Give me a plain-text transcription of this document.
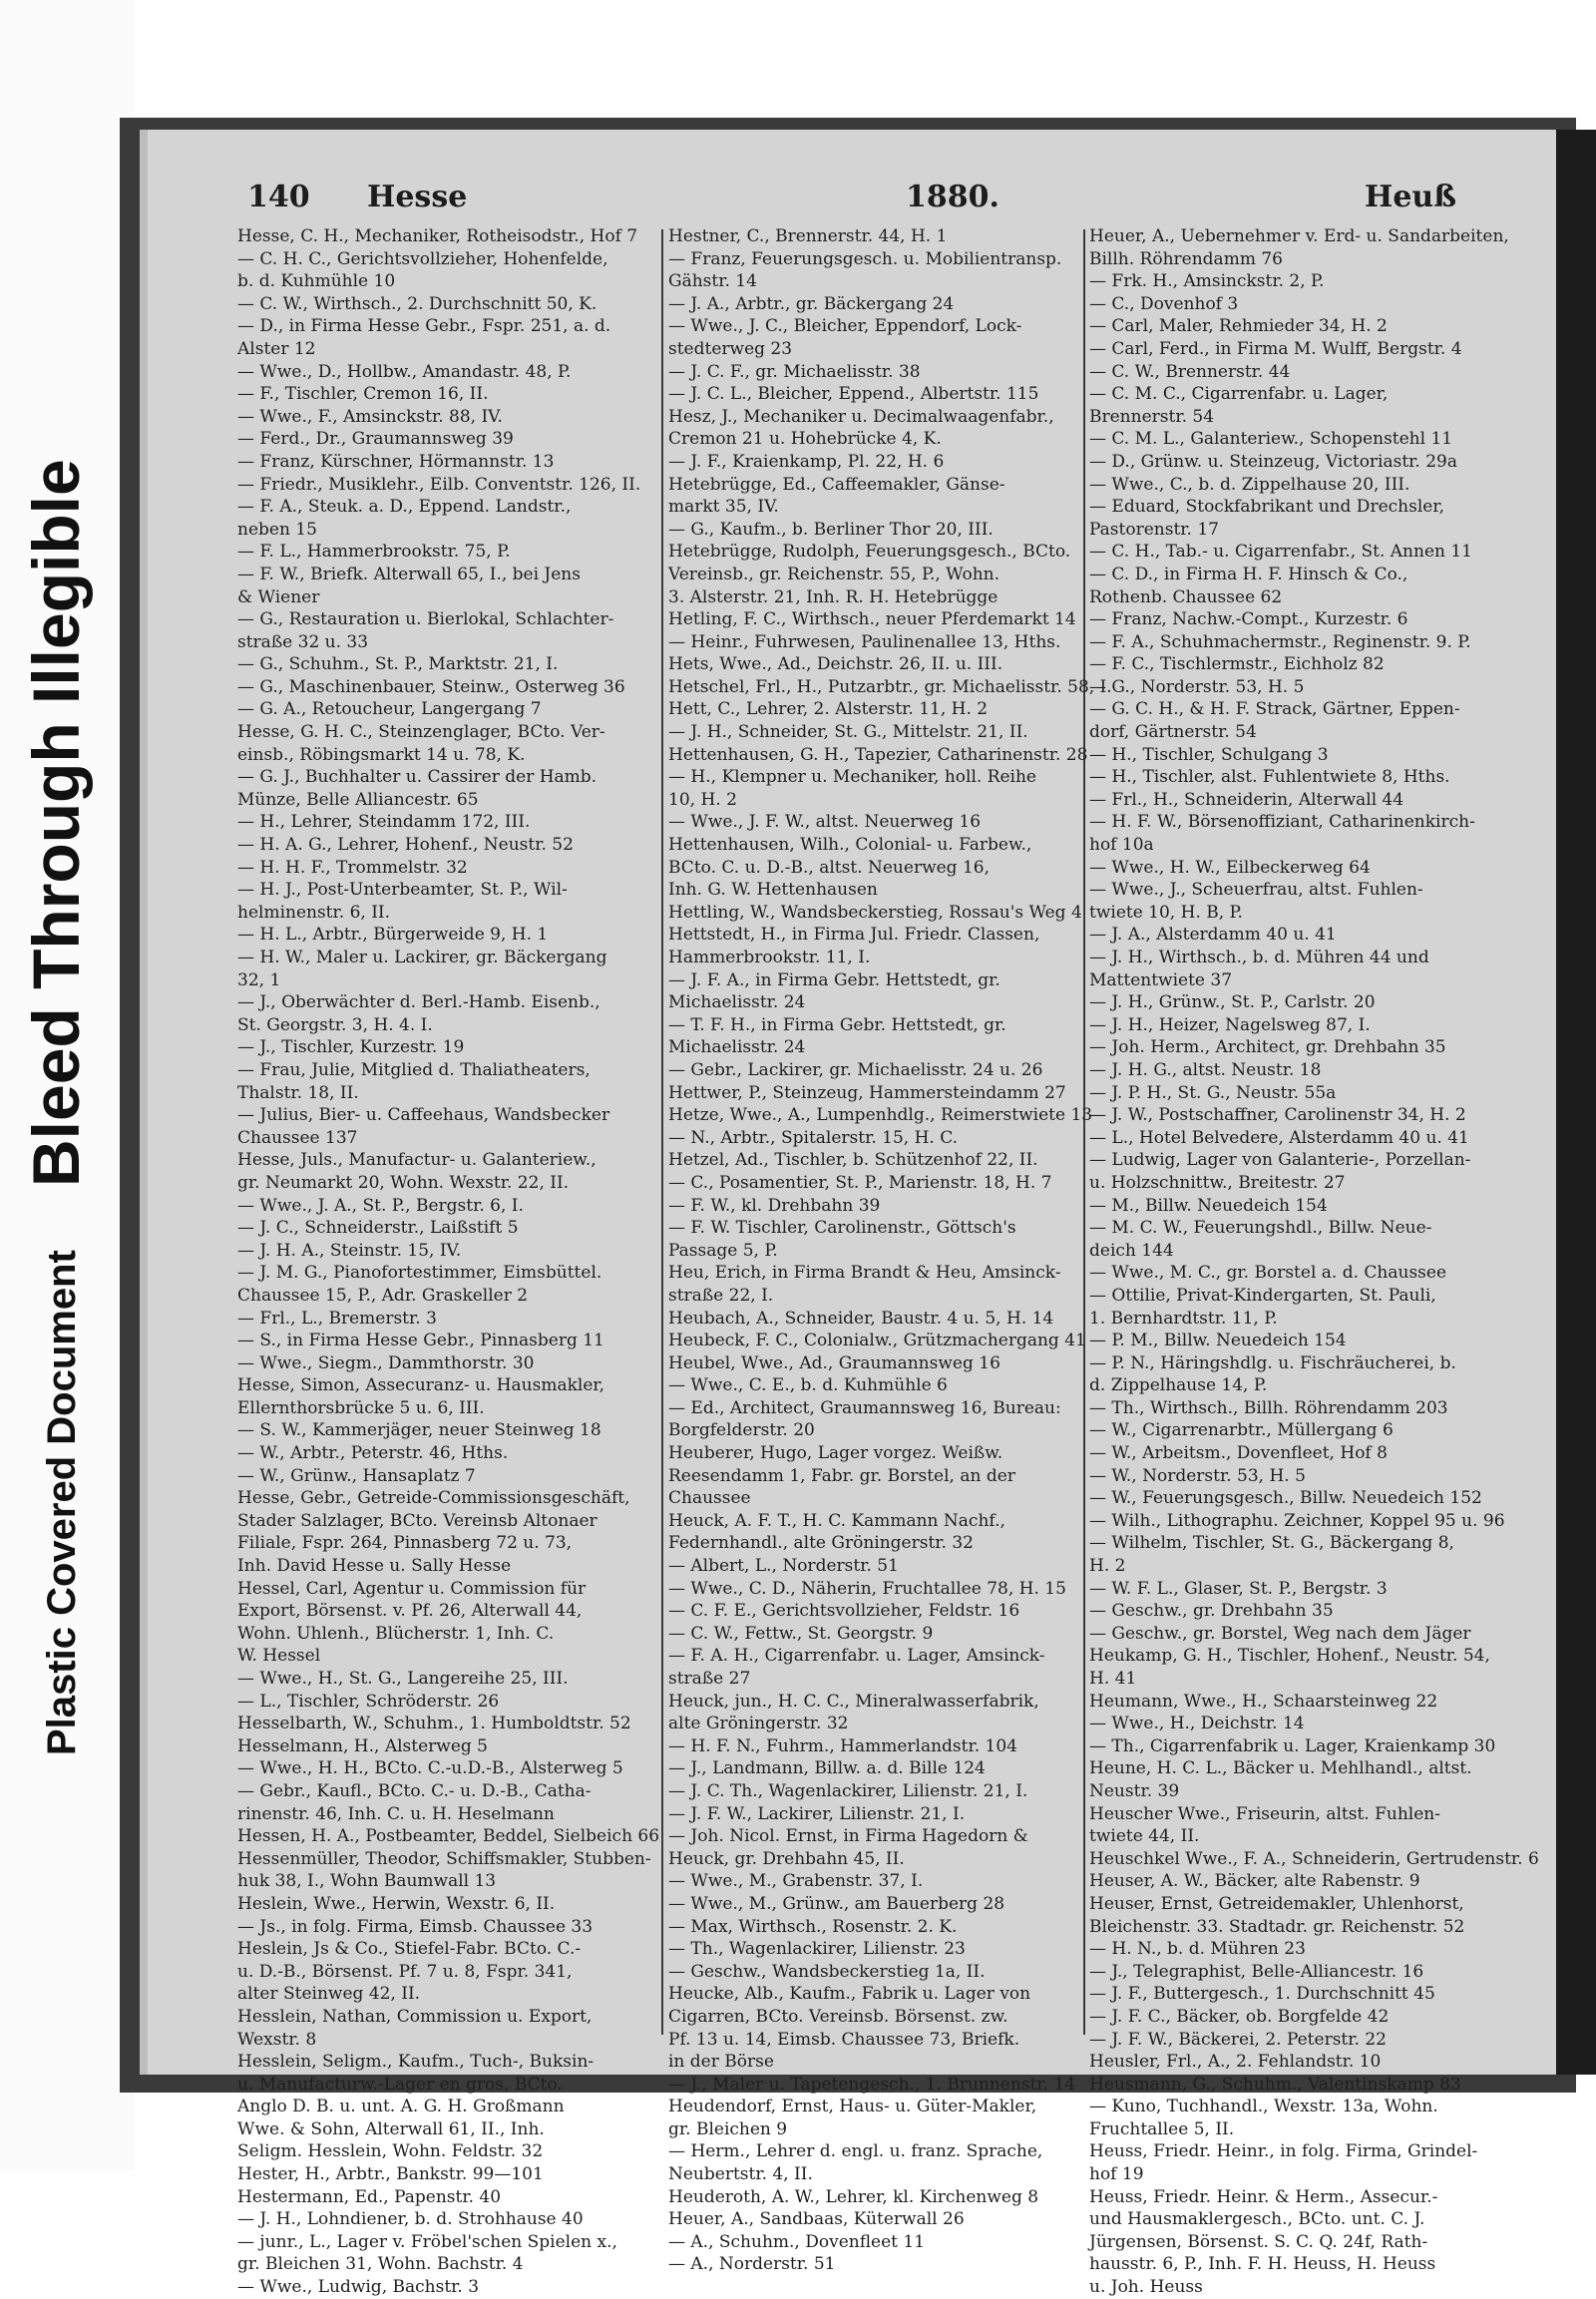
Bleed Through Illegible
Plastic Covered Document
140 Hesse	1880.	Heuß

Hesse, C. H., Mechaniker, Rotheisodstr., Hof 7

— C. H. C., Gerichtsvollzieher, Hohenfelde,

b. d. Kuhmühle 10

— C. W., Wirthsch., 2. Durchschnitt 50, K.

— D., in Firma Hesse Gebr., Fspr. 251, a. d.

Alster 12

— Wwe., D., Hollbw., Amandastr. 48, P.

— F., Tischler, Cremon 16, II.

— Wwe., F., Amsinckstr. 88, IV.

— Ferd., Dr., Graumannsweg 39

— Franz, Kürschner, Hörmannstr. 13

— Friedr., Musiklehr., Eilb. Conventstr. 126, II.

— F. A., Steuk. a. D., Eppend. Landstr.,

neben 15

— F. L., Hammerbrookstr. 75, P.

— F. W., Briefk. Alterwall 65, I., bei Jens

& Wiener

— G., Restauration u. Bierlokal, Schlachter-

straße 32 u. 33

— G., Schuhm., St. P., Marktstr. 21, I.

— G., Maschinenbauer, Steinw., Osterweg 36

— G. A., Retoucheur, Langergang 7

Hesse, G. H. C., Steinzenglager, BCto. Ver-

einsb., Röbingsmarkt 14 u. 78, K.

— G. J., Buchhalter u. Cassirer der Hamb.

Münze, Belle Alliancestr. 65

— H., Lehrer, Steindamm 172, III.

— H. A. G., Lehrer, Hohenf., Neustr. 52

— H. H. F., Trommelstr. 32

— H. J., Post-Unterbeamter, St. P., Wil-

helminenstr. 6, II.

— H. L., Arbtr., Bürgerweide 9, H. 1

— H. W., Maler u. Lackirer, gr. Bäckergang

32, 1

— J., Oberwächter d. Berl.-Hamb. Eisenb.,

St. Georgstr. 3, H. 4. I.

— J., Tischler, Kurzestr. 19

— Frau, Julie, Mitglied d. Thaliatheaters,

Thalstr. 18, II.

— Julius, Bier- u. Caffeehaus, Wandsbecker

Chaussee 137

Hesse, Juls., Manufactur- u. Galanteriew.,

gr. Neumarkt 20, Wohn. Wexstr. 22, II.

— Wwe., J. A., St. P., Bergstr. 6, I.

— J. C., Schneiderstr., Laißstift 5

— J. H. A., Steinstr. 15, IV.

— J. M. G., Pianofortestimmer, Eimsbüttel.

Chaussee 15, P., Adr. Graskeller 2

— Frl., L., Bremerstr. 3

— S., in Firma Hesse Gebr., Pinnasberg 11

— Wwe., Siegm., Dammthorstr. 30

Hesse, Simon, Assecuranz- u. Hausmakler,

Ellernthorsbrücke 5 u. 6, III.

— S. W., Kammerjäger, neuer Steinweg 18

— W., Arbtr., Peterstr. 46, Hths.

— W., Grünw., Hansaplatz 7

Hesse, Gebr., Getreide-Commissionsgeschäft,

Stader Salzlager, BCto. Vereinsb Altonaer

Filiale, Fspr. 264, Pinnasberg 72 u. 73,

Inh. David Hesse u. Sally Hesse

Hessel, Carl, Agentur u. Commission für

Export, Börsenst. v. Pf. 26, Alterwall 44,

Wohn. Uhlenh., Blücherstr. 1, Inh. C.

W. Hessel

— Wwe., H., St. G., Langereihe 25, III.

— L., Tischler, Schröderstr. 26

Hesselbarth, W., Schuhm., 1. Humboldtstr. 52

Hesselmann, H., Alsterweg 5

— Wwe., H. H., BCto. C.-u.D.-B., Alsterweg 5

— Gebr., Kaufl., BCto. C.- u. D.-B., Catha-

rinenstr. 46, Inh. C. u. H. Heselmann

Hessen, H. A., Postbeamter, Beddel, Sielbeich 66

Hessenmüller, Theodor, Schiffsmakler, Stubben-

huk 38, I., Wohn Baumwall 13

Heslein, Wwe., Herwin, Wexstr. 6, II.

— Js., in folg. Firma, Eimsb. Chaussee 33

Heslein, Js & Co., Stiefel-Fabr. BCto. C.-

u. D.-B., Börsenst. Pf. 7 u. 8, Fspr. 341,

alter Steinweg 42, II.

Hesslein, Nathan, Commission u. Export,

Wexstr. 8

Hesslein, Seligm., Kaufm., Tuch-, Buksin-

u. Manufacturw.-Lager en gros, BCto.

Anglo D. B. u. unt. A. G. H. Großmann

Wwe. & Sohn, Alterwall 61, II., Inh.

Seligm. Hesslein, Wohn. Feldstr. 32

Hester, H., Arbtr., Bankstr. 99—101

Hestermann, Ed., Papenstr. 40

— J. H., Lohndiener, b. d. Strohhause 40

— junr., L., Lager v. Fröbel'schen Spielen x.,

gr. Bleichen 31, Wohn. Bachstr. 4

— Wwe., Ludwig, Bachstr. 3

Hestner, C., Brennerstr. 44, H. 1

— Franz, Feuerungsgesch. u. Mobilientransp.

Gähstr. 14

— J. A., Arbtr., gr. Bäckergang 24

— Wwe., J. C., Bleicher, Eppendorf, Lock-

stedterweg 23

— J. C. F., gr. Michaelisstr. 38

— J. C. L., Bleicher, Eppend., Albertstr. 115

Hesz, J., Mechaniker u. Decimalwaagenfabr.,

Cremon 21 u. Hohebrücke 4, K.

— J. F., Kraienkamp, Pl. 22, H. 6

Hetebrügge, Ed., Caffeemakler, Gänse-

markt 35, IV.

— G., Kaufm., b. Berliner Thor 20, III.

Hetebrügge, Rudolph, Feuerungsgesch., BCto.

Vereinsb., gr. Reichenstr. 55, P., Wohn.

3. Alsterstr. 21, Inh. R. H. Hetebrügge

Hetling, F. C., Wirthsch., neuer Pferdemarkt 14

— Heinr., Fuhrwesen, Paulinenallee 13, Hths.

Hets, Wwe., Ad., Deichstr. 26, II. u. III.

Hetschel, Frl., H., Putzarbtr., gr. Michaelisstr. 58, I.

Hett, C., Lehrer, 2. Alsterstr. 11, H. 2

— J. H., Schneider, St. G., Mittelstr. 21, II.

Hettenhausen, G. H., Tapezier, Catharinenstr. 28

— H., Klempner u. Mechaniker, holl. Reihe

10, H. 2

— Wwe., J. F. W., altst. Neuerweg 16

Hettenhausen, Wilh., Colonial- u. Farbew.,

BCto. C. u. D.-B., altst. Neuerweg 16,

Inh. G. W. Hettenhausen

Hettling, W., Wandsbeckerstieg, Rossau's Weg 4

Hettstedt, H., in Firma Jul. Friedr. Classen,

Hammerbrookstr. 11, I.

— J. F. A., in Firma Gebr. Hettstedt, gr.

Michaelisstr. 24

— T. F. H., in Firma Gebr. Hettstedt, gr.

Michaelisstr. 24

— Gebr., Lackirer, gr. Michaelisstr. 24 u. 26

Hettwer, P., Steinzeug, Hammersteindamm 27

Hetze, Wwe., A., Lumpenhdlg., Reimerstwiete 13

— N., Arbtr., Spitalerstr. 15, H. C.

Hetzel, Ad., Tischler, b. Schützenhof 22, II.

— C., Posamentier, St. P., Marienstr. 18, H. 7

— F. W., kl. Drehbahn 39

— F. W. Tischler, Carolinenstr., Göttsch's

Passage 5, P.

Heu, Erich, in Firma Brandt & Heu, Amsinck-

straße 22, I.

Heubach, A., Schneider, Baustr. 4 u. 5, H. 14

Heubeck, F. C., Colonialw., Grützmachergang 41

Heubel, Wwe., Ad., Graumannsweg 16

— Wwe., C. E., b. d. Kuhmühle 6

— Ed., Architect, Graumannsweg 16, Bureau:

Borgfelderstr. 20

Heuberer, Hugo, Lager vorgez. Weißw.

Reesendamm 1, Fabr. gr. Borstel, an der

Chaussee

Heuck, A. F. T., H. C. Kammann Nachf.,

Federnhandl., alte Gröningerstr. 32

— Albert, L., Norderstr. 51

— Wwe., C. D., Näherin, Fruchtallee 78, H. 15

— C. F. E., Gerichtsvollzieher, Feldstr. 16

— C. W., Fettw., St. Georgstr. 9

— F. A. H., Cigarrenfabr. u. Lager, Amsinck-

straße 27

Heuck, jun., H. C. C., Mineralwasserfabrik,

alte Gröningerstr. 32

— H. F. N., Fuhrm., Hammerlandstr. 104

— J., Landmann, Billw. a. d. Bille 124

— J. C. Th., Wagenlackirer, Lilienstr. 21, I.

— J. F. W., Lackirer, Lilienstr. 21, I.

— Joh. Nicol. Ernst, in Firma Hagedorn &

Heuck, gr. Drehbahn 45, II.

— Wwe., M., Grabenstr. 37, I.

— Wwe., M., Grünw., am Bauerberg 28

— Max, Wirthsch., Rosenstr. 2. K.

— Th., Wagenlackirer, Lilienstr. 23

— Geschw., Wandsbeckerstieg 1a, II.

Heucke, Alb., Kaufm., Fabrik u. Lager von

Cigarren, BCto. Vereinsb. Börsenst. zw.

Pf. 13 u. 14, Eimsb. Chaussee 73, Briefk.

in der Börse

— J., Maler u. Tapetengesch., 1. Brunnenstr. 14

Heudendorf, Ernst, Haus- u. Güter-Makler,

gr. Bleichen 9

— Herm., Lehrer d. engl. u. franz. Sprache,

Neubertstr. 4, II.

Heuderoth, A. W., Lehrer, kl. Kirchenweg 8

Heuer, A., Sandbaas, Küterwall 26

— A., Schuhm., Dovenfleet 11

— A., Norderstr. 51

Heuer, A., Uebernehmer v. Erd- u. Sandarbeiten,

Billh. Röhrendamm 76

— Frk. H., Amsinckstr. 2, P.

— C., Dovenhof 3

— Carl, Maler, Rehmieder 34, H. 2

— Carl, Ferd., in Firma M. Wulff, Bergstr. 4

— C. W., Brennerstr. 44

— C. M. C., Cigarrenfabr. u. Lager,

Brennerstr. 54

— C. M. L., Galanteriew., Schopenstehl 11

— D., Grünw. u. Steinzeug, Victoriastr. 29a

— Wwe., C., b. d. Zippelhause 20, III.

— Eduard, Stockfabrikant und Drechsler,

Pastorenstr. 17

— C. H., Tab.- u. Cigarrenfabr., St. Annen 11

— C. D., in Firma H. F. Hinsch & Co.,

Rothenb. Chaussee 62

— Franz, Nachw.-Compt., Kurzestr. 6

— F. A., Schuhmachermstr., Reginenstr. 9. P.

— F. C., Tischlermstr., Eichholz 82

— G., Norderstr. 53, H. 5

— G. C. H., & H. F. Strack, Gärtner, Eppen-

dorf, Gärtnerstr. 54

— H., Tischler, Schulgang 3

— H., Tischler, alst. Fuhlentwiete 8, Hths.

— Frl., H., Schneiderin, Alterwall 44

— H. F. W., Börsenoffiziant, Catharinenkirch-

hof 10a

— Wwe., H. W., Eilbeckerweg 64

— Wwe., J., Scheuerfrau, altst. Fuhlen-

twiete 10, H. B, P.

— J. A., Alsterdamm 40 u. 41

— J. H., Wirthsch., b. d. Mühren 44 und

Mattentwiete 37

— J. H., Grünw., St. P., Carlstr. 20

— J. H., Heizer, Nagelsweg 87, I.

— Joh. Herm., Architect, gr. Drehbahn 35

— J. H. G., altst. Neustr. 18

— J. P. H., St. G., Neustr. 55a

— J. W., Postschaffner, Carolinenstr 34, H. 2

— L., Hotel Belvedere, Alsterdamm 40 u. 41

— Ludwig, Lager von Galanterie-, Porzellan-

u. Holzschnittw., Breitestr. 27

— M., Billw. Neuedeich 154

— M. C. W., Feuerungshdl., Billw. Neue-

deich 144

— Wwe., M. C., gr. Borstel a. d. Chaussee

— Ottilie, Privat-Kindergarten, St. Pauli,

1. Bernhardtstr. 11, P.

— P. M., Billw. Neuedeich 154

— P. N., Häringshdlg. u. Fischräucherei, b.

d. Zippelhause 14, P.

— Th., Wirthsch., Billh. Röhrendamm 203

— W., Cigarrenarbtr., Müllergang 6

— W., Arbeitsm., Dovenfleet, Hof 8

— W., Norderstr. 53, H. 5

— W., Feuerungsgesch., Billw. Neuedeich 152

— Wilh., Lithographu. Zeichner, Koppel 95 u. 96

— Wilhelm, Tischler, St. G., Bäckergang 8,

H. 2

— W. F. L., Glaser, St. P., Bergstr. 3

— Geschw., gr. Drehbahn 35

— Geschw., gr. Borstel, Weg nach dem Jäger

Heukamp, G. H., Tischler, Hohenf., Neustr. 54,

H. 41

Heumann, Wwe., H., Schaarsteinweg 22

— Wwe., H., Deichstr. 14

— Th., Cigarrenfabrik u. Lager, Kraienkamp 30

Heune, H. C. L., Bäcker u. Mehlhandl., altst.

Neustr. 39

Heuscher Wwe., Friseurin, altst. Fuhlen-

twiete 44, II.

Heuschkel Wwe., F. A., Schneiderin, Gertrudenstr. 6

Heuser, A. W., Bäcker, alte Rabenstr. 9

Heuser, Ernst, Getreidemakler, Uhlenhorst,

Bleichenstr. 33. Stadtadr. gr. Reichenstr. 52

— H. N., b. d. Mühren 23

— J., Telegraphist, Belle-Alliancestr. 16

— J. F., Buttergesch., 1. Durchschnitt 45

— J. F. C., Bäcker, ob. Borgfelde 42

— J. F. W., Bäckerei, 2. Peterstr. 22

Heusler, Frl., A., 2. Fehlandstr. 10

Heusmann, G., Schuhm., Valentinskamp 83

— Kuno, Tuchhandl., Wexstr. 13a, Wohn.

Fruchtallee 5, II.

Heuss, Friedr. Heinr., in folg. Firma, Grindel-

hof 19

Heuss, Friedr. Heinr. & Herm., Assecur.-

und Hausmaklergesch., BCto. unt. C. J.

Jürgensen, Börsenst. S. C. Q. 24f, Rath-

hausstr. 6, P., Inh. F. H. Heuss, H. Heuss

u. Joh. Heuss
